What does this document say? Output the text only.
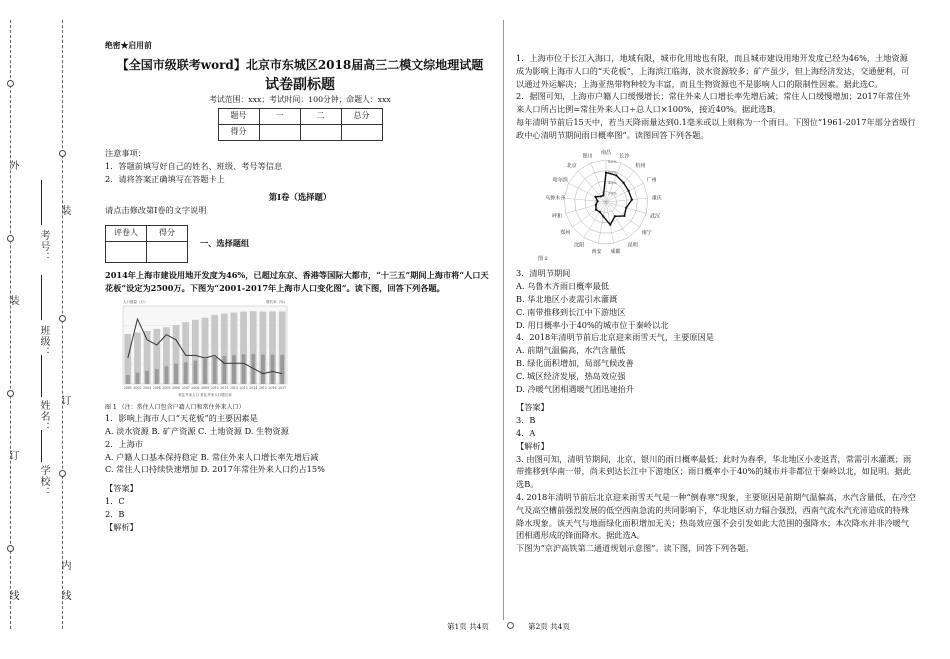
外
装
订
线
装
订
内
线
考号：
班级：
姓名：
学校：
绝密★启用前
【全国市级联考word】北京市东城区2018届高三二模文综地理试题
试卷副标题
考试范围：xxx；考试时间：100分钟；命题人：xxx
题号	一	二	总分
得分			
注意事项：
1．答题前填写好自己的姓名、班级、考号等信息
2．请将答案正确填写在答题卡上
第I卷（选择题）
请点击修改第I卷的文字说明
评卷人	得分

一、选择题组
2014年上海市建设用地开发度为46%，已超过东京、香港等国际大都市，“十三五”期间上海市将“人口天花板”设定为2500万。下图为“2001-2017年上海市人口变化图”。读下图，回答下列各题。
2001 2002 2003 2004 2005 2006 2007 2008 2009 2010 2011 2012 2013 2014 2015 2016 2017
人口数量（万）	增长率（%）
常住外来人口 常住外来人口增长率
图 1 （注：常住人口包含户籍人口和常住外来人口）
1．影响上海市人口“天花板”的主要因素是
A. 淡水资源 B. 矿产资源 C. 土地资源 D. 生物资源
2．上海市
A. 户籍人口基本保持稳定 B. 常住外来人口增长率先增后减
C. 常住人口持续快速增加 D. 2017年常住外来人口约占15%
【答案】
1．C
2．B
【解析】
1．上海市位于长江入海口，地域有限，城市化用地也有限，而且城市建设用地开发度已经为46%，土地资源成为影响上海市人口的“天花板”，上海滨江临海，淡水资源较多；矿产虽少，但上海经济发达，交通便利，可以通过外运解决；上海亚热带物种较为丰富，而且生物资源也不是影响人口的限制性因素。据此选C。
2．据图可知，上海市户籍人口缓慢增长；常住外来人口增长率先增后减；常住人口缓慢增加；2017年常住外来人口所占比例=常住外来人口÷总人口×100%，接近40%。据此选B。
每年清明节前后15天中，若当天降雨量达到0.1毫米或以上则称为一个雨日。下图位“1961-2017年部分省级行政中心清明节期间雨日概率图”。读图回答下列各题。
20%
40%
60%
80%
南昌
长沙
杭州
广州
重庆
武汉
南宁
昆明
成都
西安
沈阳
郑州
呼和
乌鲁木齐
哈尔滨
北京
银川
图 2
3．清明节期间
A. 乌鲁木齐雨日概率最低
B. 华北地区小麦需引水灌溉
C. 南带推移到长江中下游地区
D. 用日概率小于40%的城市位于秦岭以北
4．2018年清明节前后北京迎来雨雪天气，主要原因是
A. 前期气温偏高，水汽含量低
B. 绿化面积增加，局部气候改善
C. 城区经济发展，热岛效应强
D. 冷暖气团相遇暖气团迅速抬升
【答案】
3．B
4．A
【解析】
3. 由图可知，清明节期间，北京、银川的雨日概率最低；此时为春季，华北地区小麦返青，常需引水灌溉；雨带推移到华南一带，尚未到达长江中下游地区；雨日概率小于40%的城市并非都位于秦岭以北，如昆明。据此选B。
4. 2018年清明节前后北京迎来雨雪天气是一种“倒春寒”现象，主要原因是前期气温偏高，水汽含量低，在冷空气及高空槽前强烈发展的低空西南急流的共同影响下，华北地区动力辐合强烈，西南气流水汽充沛造成的特殊降水现象。该天气与地面绿化面积增加无关；热岛效应强不会引发如此大范围的强降水；本次降水并非冷暖气团相遇形成的锋面降水。据此选A。
下图为“京沪高铁第二通道规划示意图”。读下图，回答下列各题。
第1页 共4页	第2页 共4页
